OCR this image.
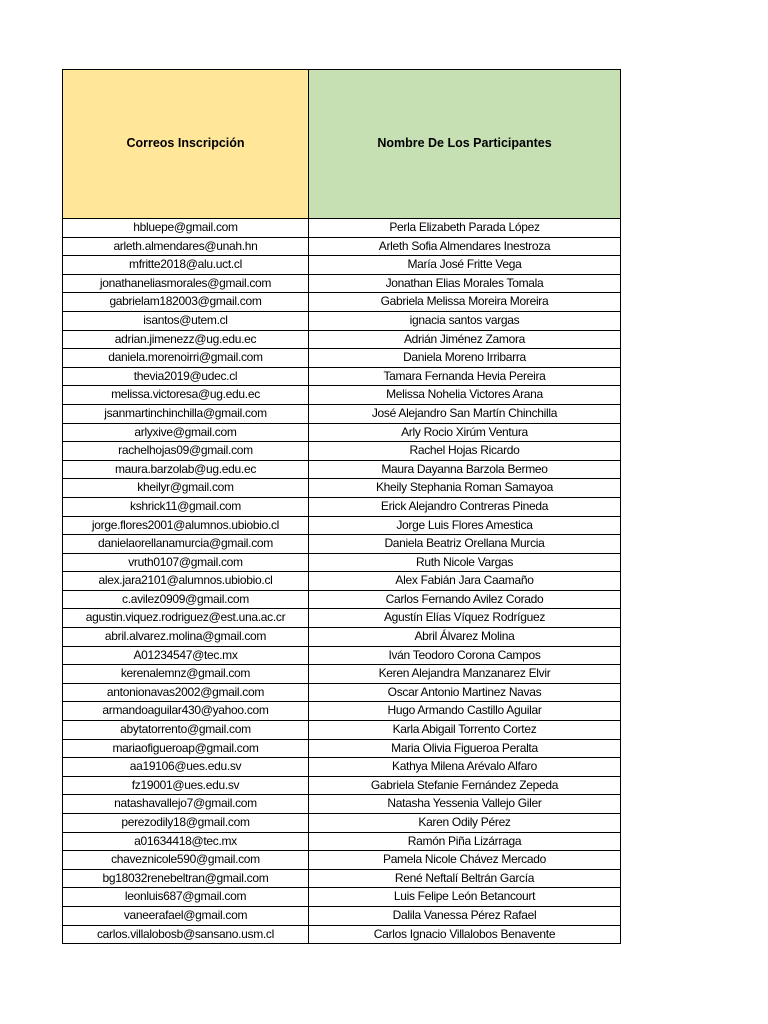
Correos Inscripción	Nombre De Los Participantes
hbluepe@gmail.com	Perla Elizabeth Parada López
arleth.almendares@unah.hn	Arleth Sofia Almendares Inestroza
mfritte2018@alu.uct.cl	María José Fritte Vega
jonathaneliasmorales@gmail.com	Jonathan Elias Morales Tomala
gabrielam182003@gmail.com	Gabriela Melissa Moreira Moreira
isantos@utem.cl	ignacia santos vargas
adrian.jimenezz@ug.edu.ec	Adrián Jiménez Zamora
daniela.morenoirri@gmail.com	Daniela Moreno Irribarra
thevia2019@udec.cl	Tamara Fernanda Hevia Pereira
melissa.victoresa@ug.edu.ec	Melissa Nohelia Victores Arana
jsanmartinchinchilla@gmail.com	José Alejandro San Martín Chinchilla
arlyxive@gmail.com	Arly Rocio Xirúm Ventura
rachelhojas09@gmail.com	Rachel Hojas Ricardo
maura.barzolab@ug.edu.ec	Maura Dayanna Barzola Bermeo
kheilyr@gmail.com	Kheily Stephania Roman Samayoa
kshrick11@gmail.com	Erick Alejandro Contreras Pineda
jorge.flores2001@alumnos.ubiobio.cl	Jorge Luis Flores Amestica
danielaorellanamurcia@gmail.com	Daniela Beatriz Orellana Murcia
vruth0107@gmail.com	Ruth Nicole Vargas
alex.jara2101@alumnos.ubiobio.cl	Alex Fabián Jara Caamaño
c.avilez0909@gmail.com	Carlos Fernando Avilez Corado
agustin.viquez.rodriguez@est.una.ac.cr	Agustín Elías Víquez Rodríguez
abril.alvarez.molina@gmail.com	Abril Álvarez Molina
A01234547@tec.mx	Iván Teodoro Corona Campos
kerenalemnz@gmail.com	Keren Alejandra Manzanarez Elvir
antonionavas2002@gmail.com	Oscar Antonio Martinez Navas
armandoaguilar430@yahoo.com	Hugo Armando Castillo Aguilar
abytatorrento@gmail.com	Karla Abigail Torrento Cortez
mariaofigueroap@gmail.com	Maria Olivia Figueroa Peralta
aa19106@ues.edu.sv	Kathya Milena Arévalo Alfaro
fz19001@ues.edu.sv	Gabriela Stefanie Fernández Zepeda
natashavallejo7@gmail.com	Natasha Yessenia Vallejo Giler
perezodily18@gmail.com	Karen Odily Pérez
a01634418@tec.mx	Ramón Piña Lizárraga
chaveznicole590@gmail.com	Pamela Nicole Chávez Mercado
bg18032renebeltran@gmail.com	René Neftalí Beltrán García
leonluis687@gmail.com	Luis Felipe León Betancourt
vaneerafael@gmail.com	Dalila Vanessa Pérez Rafael
carlos.villalobosb@sansano.usm.cl	Carlos Ignacio Villalobos Benavente
